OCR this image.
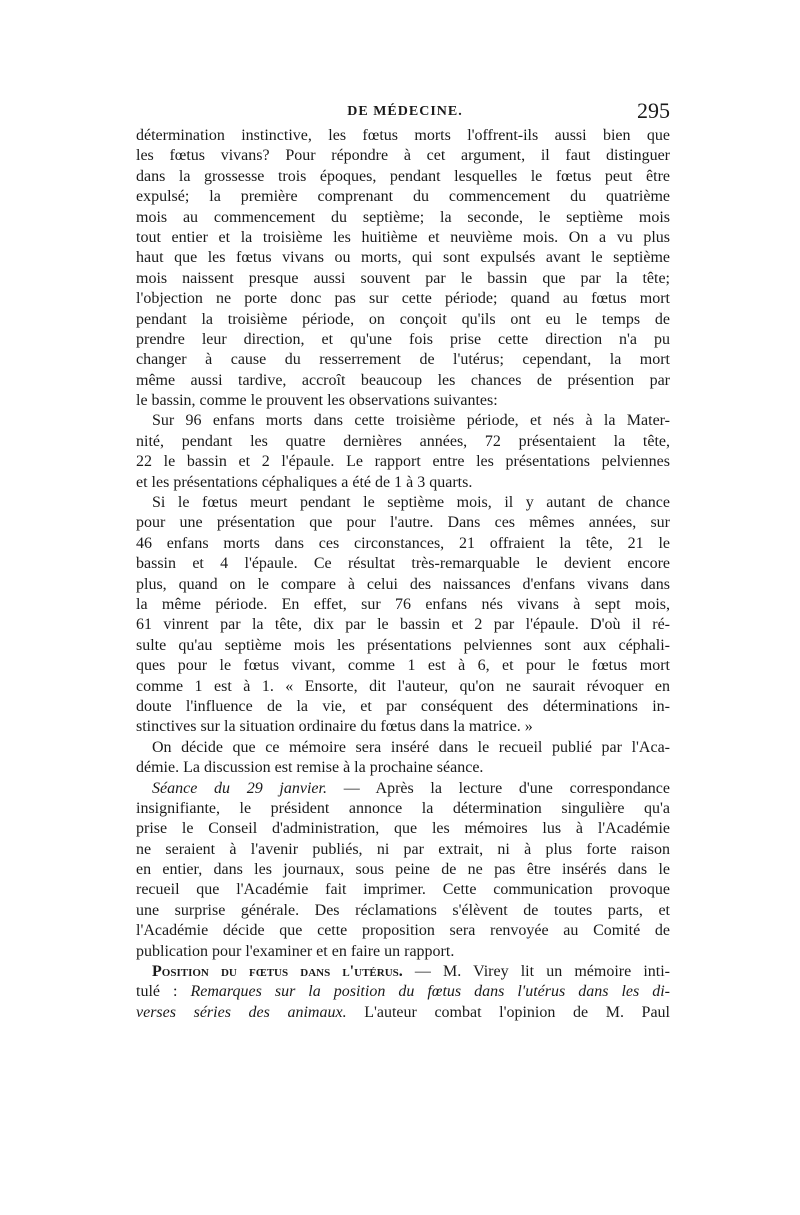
DE MÉDECINE.	295
détermination instinctive, les fœtus morts l'offrent-ils aussi bien que
les fœtus vivans? Pour répondre à cet argument, il faut distinguer
dans la grossesse trois époques, pendant lesquelles le fœtus peut être
expulsé; la première comprenant du commencement du quatrième
mois au commencement du septième; la seconde, le septième mois
tout entier et la troisième les huitième et neuvième mois. On a vu plus
haut que les fœtus vivans ou morts, qui sont expulsés avant le septième
mois naissent presque aussi souvent par le bassin que par la tête;
l'objection ne porte donc pas sur cette période; quand au fœtus mort
pendant la troisième période, on conçoit qu'ils ont eu le temps de
prendre leur direction, et qu'une fois prise cette direction n'a pu
changer à cause du resserrement de l'utérus; cependant, la mort
même aussi tardive, accroît beaucoup les chances de présention par
le bassin, comme le prouvent les observations suivantes:
Sur 96 enfans morts dans cette troisième période, et nés à la Mater-
nité, pendant les quatre dernières années, 72 présentaient la tête,
22 le bassin et 2 l'épaule. Le rapport entre les présentations pelviennes
et les présentations céphaliques a été de 1 à 3 quarts.
Si le fœtus meurt pendant le septième mois, il y autant de chance
pour une présentation que pour l'autre. Dans ces mêmes années, sur
46 enfans morts dans ces circonstances, 21 offraient la tête, 21 le
bassin et 4 l'épaule. Ce résultat très-remarquable le devient encore
plus, quand on le compare à celui des naissances d'enfans vivans dans
la même période. En effet, sur 76 enfans nés vivans à sept mois,
61 vinrent par la tête, dix par le bassin et 2 par l'épaule. D'où il ré-
sulte qu'au septième mois les présentations pelviennes sont aux céphali-
ques pour le fœtus vivant, comme 1 est à 6, et pour le fœtus mort
comme 1 est à 1. « Ensorte, dit l'auteur, qu'on ne saurait révoquer en
doute l'influence de la vie, et par conséquent des déterminations in-
stinctives sur la situation ordinaire du fœtus dans la matrice. »
On décide que ce mémoire sera inséré dans le recueil publié par l'Aca-
démie. La discussion est remise à la prochaine séance.
Séance du 29 janvier. — Après la lecture d'une correspondance
insignifiante, le président annonce la détermination singulière qu'a
prise le Conseil d'administration, que les mémoires lus à l'Académie
ne seraient à l'avenir publiés, ni par extrait, ni à plus forte raison
en entier, dans les journaux, sous peine de ne pas être insérés dans le
recueil que l'Académie fait imprimer. Cette communication provoque
une surprise générale. Des réclamations s'élèvent de toutes parts, et
l'Académie décide que cette proposition sera renvoyée au Comité de
publication pour l'examiner et en faire un rapport.
Position du fœtus dans l'utérus. — M. Virey lit un mémoire inti-
tulé : Remarques sur la position du fœtus dans l'utérus dans les di-
verses séries des animaux. L'auteur combat l'opinion de M. Paul
